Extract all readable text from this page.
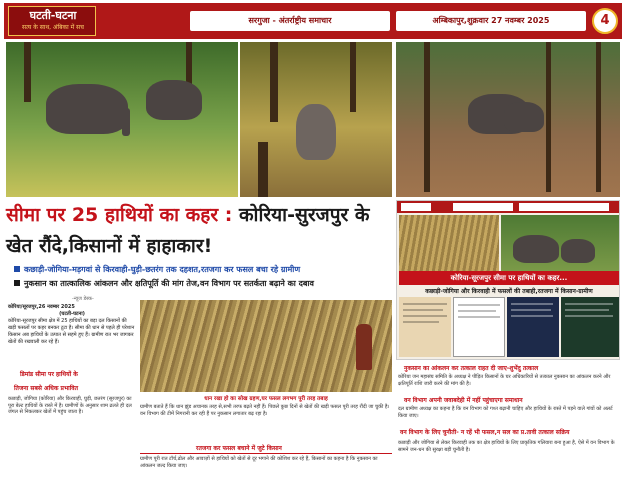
घटती-घटना
सत्य के साथ, अंबिका में सच
सरगुजा - अंतर्राष्ट्रीय समाचार	अम्बिकापुर,शुक्रवार 27 नवम्बर 2025	4
सीमा पर 25 हाथियों का कहर : कोरिया-सुरजपुर के खेत रौंदे,किसानों में हाहाकार!
कछाड़ी-जोगिया-मड़गवां से किरवाही-घुड़ी-छतरंग तक दहशत,रतजगा कर फसल बचा रहे ग्रामीण
नुकसान का तात्कालिक आंकलन और क्षतिपूर्ति की मांग तेज,वन विभाग पर सतर्कता बढ़ाने का दबाव
-न्यूज डेस्क-
कोरिया/सूरजपुर,26 नवम्बर 2025
(घटती-घटना)
कोरिया-सूरजपुर सीमा क्षेत्र में 25 हाथियों का बड़ा दल किसानों की खड़ी फसलों पर कहर बनकर टूटा है। सीमा की धान से पहले ही परेशान किसान अब हाथियों के उत्पात से सहमे हुए हैं। ग्रामीण रात भर जागकर खेतों की रखवाली कर रहे हैं।
डिमांड सीमा पर हाथियों के
तिजना सबसे अधिक प्रभावित
कछाड़ी, जोगिया (कोरिया) और किरवाही, घुड़ी, छतरंग (सूरजपुर) का पूरा बेल्ट हाथियों के रास्ते में है। ग्रामीणों के अनुसार शाम ढलते ही दल जंगल से निकलकर खेतों में पहुंच जाता है।
धान रखा हो का सोख ग्रहण,घर फसल लगभग पूरी तरह तबाह
ग्रामीण बताते हैं कि धान झुंड अचानक तरह से,सभी तरफ बढ़ते नहीं हैं। पिछले कुछ दिनों से खेतों की खड़ी फसल पूरी तरह रौंदी जा चुकी है। वन विभाग की टीमें निगरानी कर रही हैं पर नुकसान लगातार बढ़ रहा है।
रतजगा कर फसल बचाने में जुटे किसान
ग्रामीण पूरी रात टॉर्च,ढोल और आवाज़ों से हाथियों को खेतों से दूर भगाने की कोशिश कर रहे हैं, किसानों का कहना है कि नुकसान का आंकलन जल्द किया जाए।
कोरिया-सूरजपुर सीमा पर हाथियों का कहर...
कछाड़ी-जोगिया और किरवाही में फसलों की तबाही,रतजगा में किसान-ग्रामीण
नुकसान का आंकलन कर तत्काल राहत दी जाए-शुभेंदु तत्काल
कोरिया जन महासंघ समिति के अध्यक्ष ने पीड़ित किसानों के घर अधिकारियों से तत्काल नुकसान का आंकलन करने और क्षतिपूर्ति राशि जारी करने की मांग की है।
वन विभाग अपनी जवाबदेही में नहीं पहुंचाएगा समाधान
दल ग्रामीण अध्यक्ष का कहना है कि वन विभाग को गश्त बढ़ानी चाहिए और हाथियों के रास्ते में पड़ने वाले गांवों को अलर्ट किया जाए।
वन विभाग के लिए चुनौती- न रहें भी फसल,न सल का प्र.तावी तत्काल सक्रिय
कछाड़ी और जोगिया से लेकर किरवाही तक का क्षेत्र हाथियों के लिए प्राकृतिक गलियारा बना हुआ है, ऐसे में वन विभाग के सामने जन-धन की सुरक्षा बड़ी चुनौती है।
